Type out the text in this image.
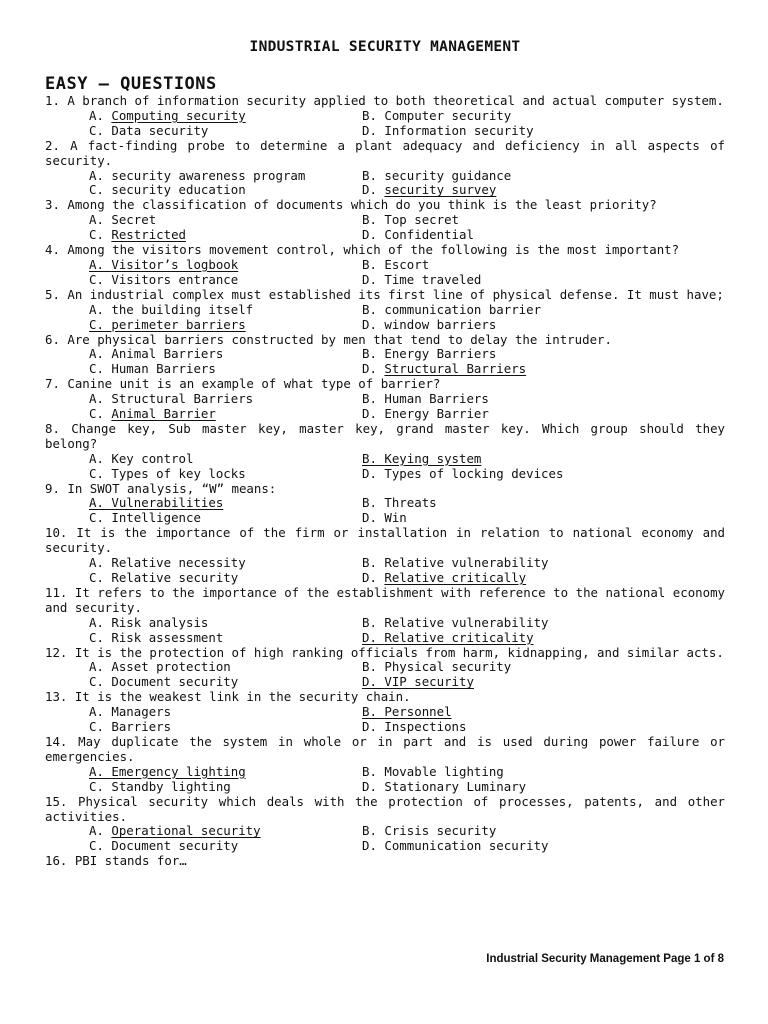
INDUSTRIAL SECURITY MANAGEMENT
EASY – QUESTIONS
1. A branch of information security applied to both theoretical and actual computer system.
A. Computing security	B. Computer security
C. Data security	D. Information security
2. A fact-finding probe to determine a plant adequacy and deficiency in all aspects of security.
A. security awareness program	B. security guidance
C. security education	D. security survey
3. Among the classification of documents which do you think is the least priority?
A. Secret	B. Top secret
C. Restricted	D. Confidential
4. Among the visitors movement control, which of the following is the most important?
A. Visitor’s logbook	B. Escort
C. Visitors entrance	D. Time traveled
5. An industrial complex must established its first line of physical defense. It must have;
A. the building itself	B. communication barrier
C. perimeter barriers	D. window barriers
6. Are physical barriers constructed by men that tend to delay the intruder.
A. Animal Barriers	B. Energy Barriers
C. Human Barriers	D. Structural Barriers
7. Canine unit is an example of what type of barrier?
A. Structural Barriers	B. Human Barriers
C. Animal Barrier	D. Energy Barrier
8. Change key, Sub master key, master key, grand master key. Which group should they belong?
A. Key control	B. Keying system
C. Types of key locks	D. Types of locking devices
9. In SWOT analysis, “W” means:
A. Vulnerabilities	B. Threats
C. Intelligence	D. Win
10. It is the importance of the firm or installation in relation to national economy and security.
A. Relative necessity	B. Relative vulnerability
C. Relative security	D. Relative critically
11. It refers to the importance of the establishment with reference to the national economy and security.
A. Risk analysis	B. Relative vulnerability
C. Risk assessment	D. Relative criticality
12. It is the protection of high ranking officials from harm, kidnapping, and similar acts.
A. Asset protection	B. Physical security
C. Document security	D. VIP security
13. It is the weakest link in the security chain.
A. Managers	B. Personnel
C. Barriers	D. Inspections
14. May duplicate the system in whole or in part and is used during power failure or emergencies.
A. Emergency lighting	B. Movable lighting
C. Standby lighting	D. Stationary Luminary
15. Physical security which deals with the protection of processes, patents, and other activities.
A. Operational security	B. Crisis security
C. Document security	D. Communication security
16. PBI stands for…
Industrial Security Management Page 1 of 8
